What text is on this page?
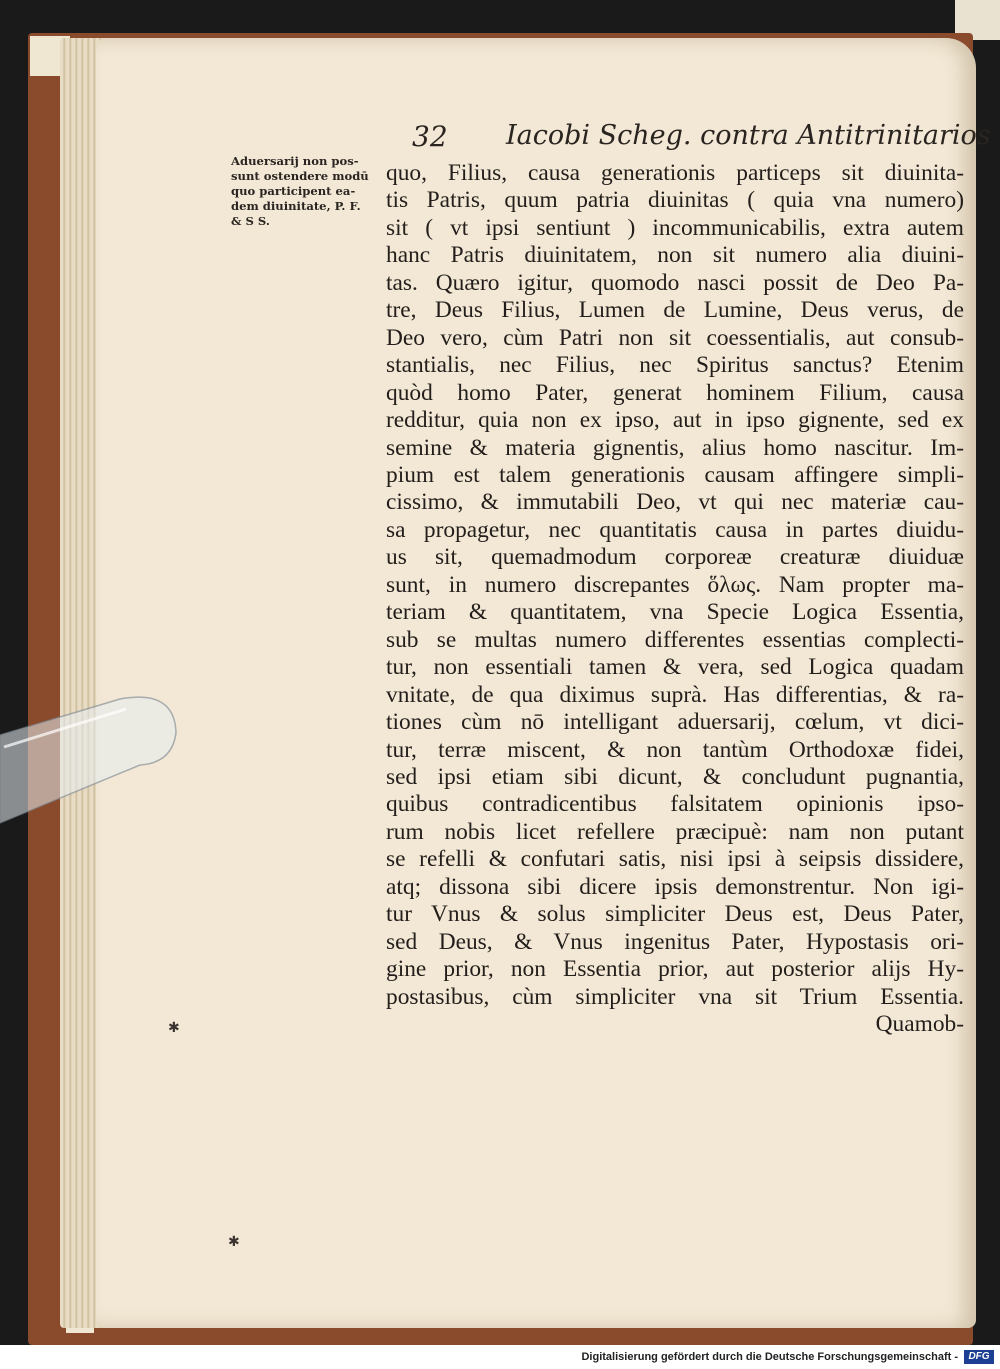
32 Iacobi Scheg. contra Antitrinitarios
Aduersarij non pos-
sunt ostendere modū
quo participent ea-
dem diuinitate, P. F.
& S S.
quo, Filius, causa generationis particeps sit diuinita-
tis Patris, quum patria diuinitas ( quia vna numero)
sit ( vt ipsi sentiunt ) incommunicabilis, extra autem
hanc Patris diuinitatem, non sit numero alia diuini-
tas. Quæro igitur, quomodo nasci possit de Deo Pa-
tre, Deus Filius, Lumen de Lumine, Deus verus, de
Deo vero, cùm Patri non sit coessentialis, aut consub-
stantialis, nec Filius, nec Spiritus sanctus? Etenim
quòd homo Pater, generat hominem Filium, causa
redditur, quia non ex ipso, aut in ipso gignente, sed ex
semine & materia gignentis, alius homo nascitur. Im-
pium est talem generationis causam affingere simpli-
cissimo, & immutabili Deo, vt qui nec materiæ cau-
sa propagetur, nec quantitatis causa in partes diuidu-
us sit, quemadmodum corporeæ creaturæ diuiduæ
sunt, in numero discrepantes ὅλως. Nam propter ma-
teriam & quantitatem, vna Specie Logica Essentia,
sub se multas numero differentes essentias complecti-
tur, non essentiali tamen & vera, sed Logica quadam
vnitate, de qua diximus suprà. Has differentias, & ra-
tiones cùm nō intelligant aduersarij, cœlum, vt dici-
tur, terræ miscent, & non tantùm Orthodoxæ fidei,
sed ipsi etiam sibi dicunt, & concludunt pugnantia,
quibus contradicentibus falsitatem opinionis ipso-
rum nobis licet refellere præcipuè: nam non putant
se refelli & confutari satis, nisi ipsi à seipsis dissidere,
atq; dissona sibi dicere ipsis demonstrentur. Non igi-
tur Vnus & solus simpliciter Deus est, Deus Pater,
sed Deus, & Vnus ingenitus Pater, Hypostasis ori-
gine prior, non Essentia prior, aut posterior alijs Hy-
postasibus, cùm simpliciter vna sit Trium Essentia.
Quamob-
✱
✱
Digitalisierung gefördert durch die Deutsche Forschungsgemeinschaft -	DFG
